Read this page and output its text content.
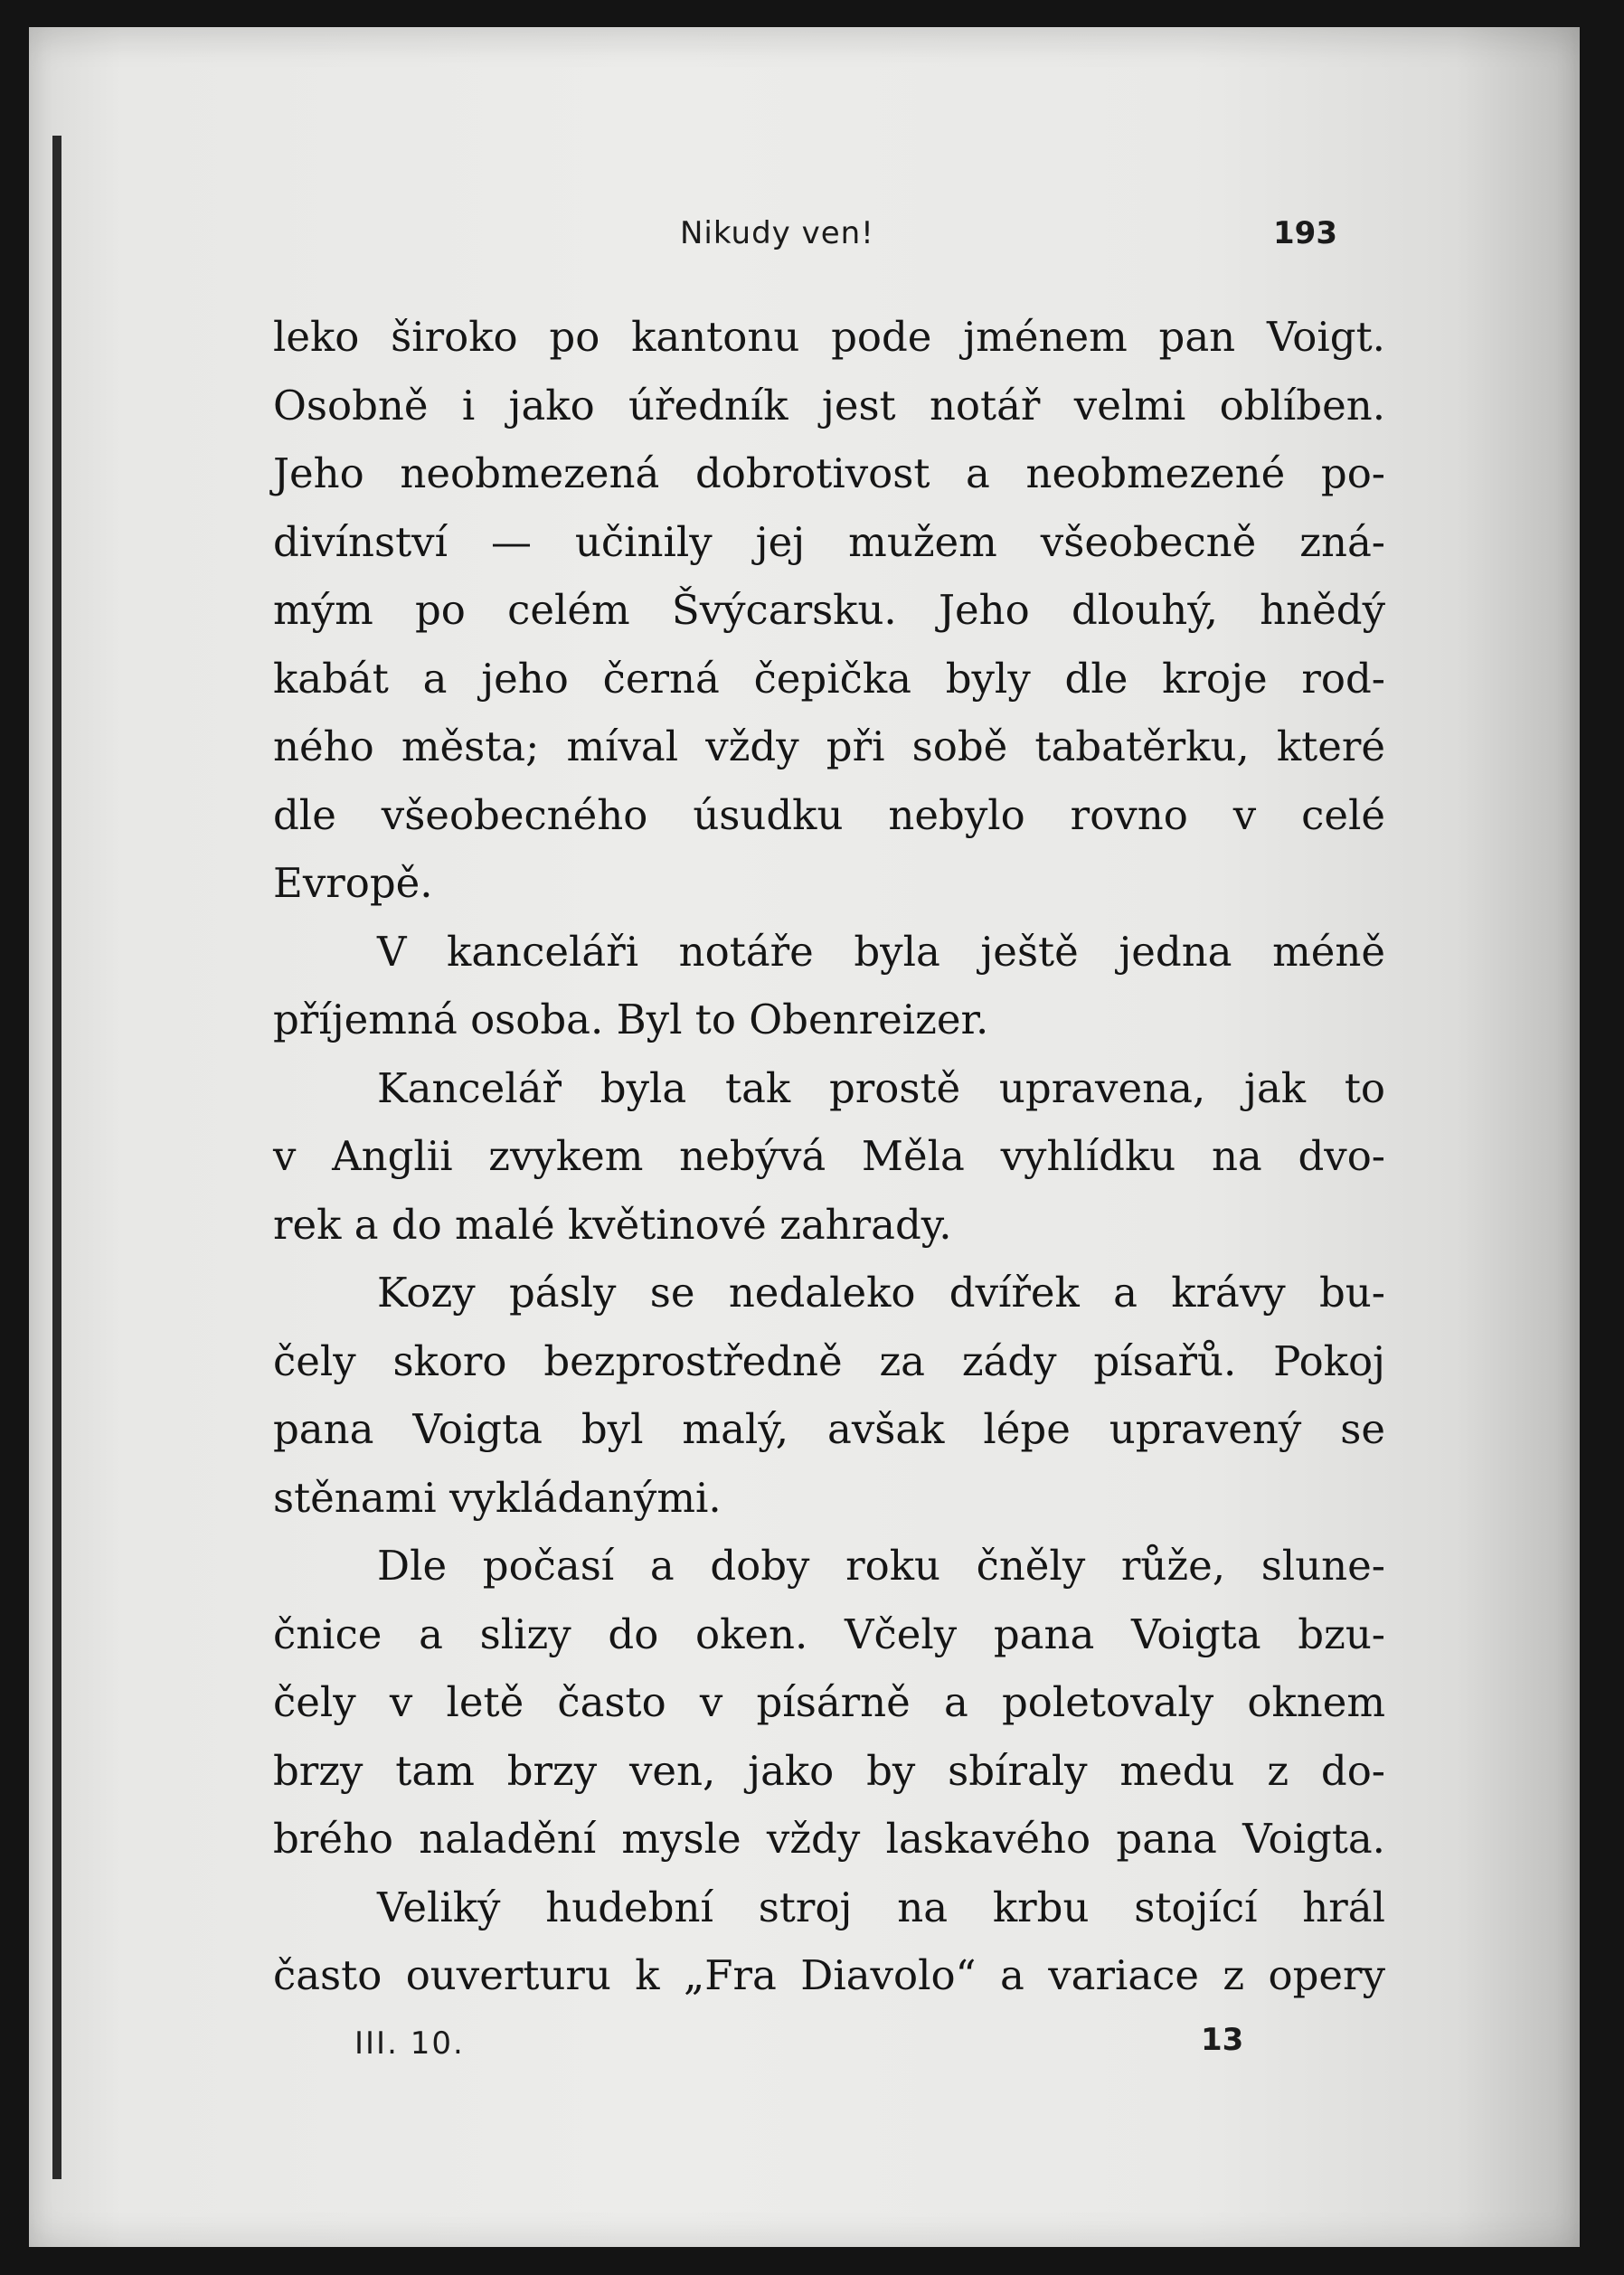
Nikudy ven!	193
leko široko po kantonu pode jménem pan Voigt.
Osobně i jako úředník jest notář velmi oblíben.
Jeho neobmezená dobrotivost a neobmezené po-
divínství — učinily jej mužem všeobecně zná-
mým po celém Švýcarsku. Jeho dlouhý, hnědý
kabát a jeho černá čepička byly dle kroje rod-
ného města; míval vždy při sobě tabatěrku, které
dle všeobecného úsudku nebylo rovno v celé
Evropě.
V kanceláři notáře byla ještě jedna méně
příjemná osoba. Byl to Obenreizer.
Kancelář byla tak prostě upravena, jak to
v Anglii zvykem nebývá Měla vyhlídku na dvo-
rek a do malé květinové zahrady.
Kozy pásly se nedaleko dvířek a krávy bu-
čely skoro bezprostředně za zády písařů. Pokoj
pana Voigta byl malý, avšak lépe upravený se
stěnami vykládanými.
Dle počasí a doby roku čněly růže, slune-
čnice a slizy do oken. Včely pana Voigta bzu-
čely v letě často v písárně a poletovaly oknem
brzy tam brzy ven, jako by sbíraly medu z do-
brého naladění mysle vždy laskavého pana Voigta.
Veliký hudební stroj na krbu stojící hrál
často ouverturu k „Fra Diavolo“ a variace z opery
III. 10.	13
